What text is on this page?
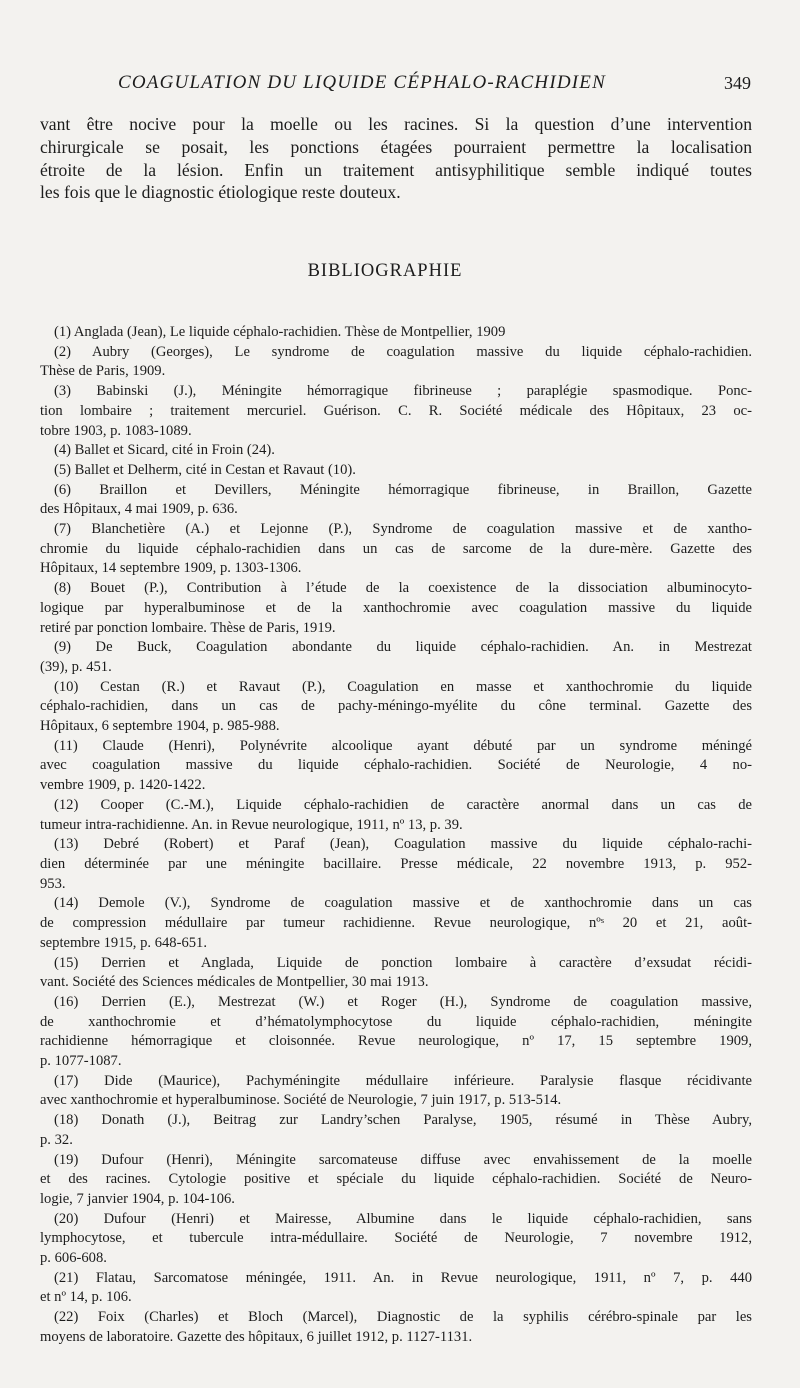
COAGULATION DU LIQUIDE CÉPHALO-RACHIDIEN	349
vant être nocive pour la moelle ou les racines. Si la question d’une intervention
chirurgicale se posait, les ponctions étagées pourraient permettre la localisation
étroite de la lésion. Enfin un traitement antisyphilitique semble indiqué toutes
les fois que le diagnostic étiologique reste douteux.
BIBLIOGRAPHIE

(1) Anglada (Jean), Le liquide céphalo-rachidien. Thèse de Montpellier, 1909

(2) Aubry (Georges), Le syndrome de coagulation massive du liquide céphalo-rachidien.
Thèse de Paris, 1909.

(3) Babinski (J.), Méningite hémorragique fibrineuse ; paraplégie spasmodique. Ponc-
tion lombaire ; traitement mercuriel. Guérison. C. R. Société médicale des Hôpitaux, 23 oc-
tobre 1903, p. 1083-1089.

(4) Ballet et Sicard, cité in Froin (24).

(5) Ballet et Delherm, cité in Cestan et Ravaut (10).

(6) Braillon et Devillers, Méningite hémorragique fibrineuse, in Braillon, Gazette
des Hôpitaux, 4 mai 1909, p. 636.

(7) Blanchetière (A.) et Lejonne (P.), Syndrome de coagulation massive et de xantho-
chromie du liquide céphalo-rachidien dans un cas de sarcome de la dure-mère. Gazette des
Hôpitaux, 14 septembre 1909, p. 1303-1306.

(8) Bouet (P.), Contribution à l’étude de la coexistence de la dissociation albuminocyto-
logique par hyperalbuminose et de la xanthochromie avec coagulation massive du liquide
retiré par ponction lombaire. Thèse de Paris, 1919.

(9) De Buck, Coagulation abondante du liquide céphalo-rachidien. An. in Mestrezat
(39), p. 451.

(10) Cestan (R.) et Ravaut (P.), Coagulation en masse et xanthochromie du liquide
céphalo-rachidien, dans un cas de pachy-méningo-myélite du cône terminal. Gazette des
Hôpitaux, 6 septembre 1904, p. 985-988.

(11) Claude (Henri), Polynévrite alcoolique ayant débuté par un syndrome méningé
avec coagulation massive du liquide céphalo-rachidien. Société de Neurologie, 4 no-
vembre 1909, p. 1420-1422.

(12) Cooper (C.-M.), Liquide céphalo-rachidien de caractère anormal dans un cas de
tumeur intra-rachidienne. An. in Revue neurologique, 1911, nº 13, p. 39.

(13) Debré (Robert) et Paraf (Jean), Coagulation massive du liquide céphalo-rachi-
dien déterminée par une méningite bacillaire. Presse médicale, 22 novembre 1913, p. 952-
953.

(14) Demole (V.), Syndrome de coagulation massive et de xanthochromie dans un cas
de compression médullaire par tumeur rachidienne. Revue neurologique, nºˢ 20 et 21, août-
septembre 1915, p. 648-651.

(15) Derrien et Anglada, Liquide de ponction lombaire à caractère d’exsudat récidi-
vant. Société des Sciences médicales de Montpellier, 30 mai 1913.

(16) Derrien (E.), Mestrezat (W.) et Roger (H.), Syndrome de coagulation massive,
de xanthochromie et d’hématolymphocytose du liquide céphalo-rachidien, méningite
rachidienne hémorragique et cloisonnée. Revue neurologique, nº 17, 15 septembre 1909,
p. 1077-1087.

(17) Dide (Maurice), Pachyméningite médullaire inférieure. Paralysie flasque récidivante
avec xanthochromie et hyperalbuminose. Société de Neurologie, 7 juin 1917, p. 513-514.

(18) Donath (J.), Beitrag zur Landry’schen Paralyse, 1905, résumé in Thèse Aubry,
p. 32.

(19) Dufour (Henri), Méningite sarcomateuse diffuse avec envahissement de la moelle
et des racines. Cytologie positive et spéciale du liquide céphalo-rachidien. Société de Neuro-
logie, 7 janvier 1904, p. 104-106.

(20) Dufour (Henri) et Mairesse, Albumine dans le liquide céphalo-rachidien, sans
lymphocytose, et tubercule intra-médullaire. Société de Neurologie, 7 novembre 1912,
p. 606-608.

(21) Flatau, Sarcomatose méningée, 1911. An. in Revue neurologique, 1911, nº 7, p. 440
et nº 14, p. 106.

(22) Foix (Charles) et Bloch (Marcel), Diagnostic de la syphilis cérébro-spinale par les
moyens de laboratoire. Gazette des hôpitaux, 6 juillet 1912, p. 1127-1131.
